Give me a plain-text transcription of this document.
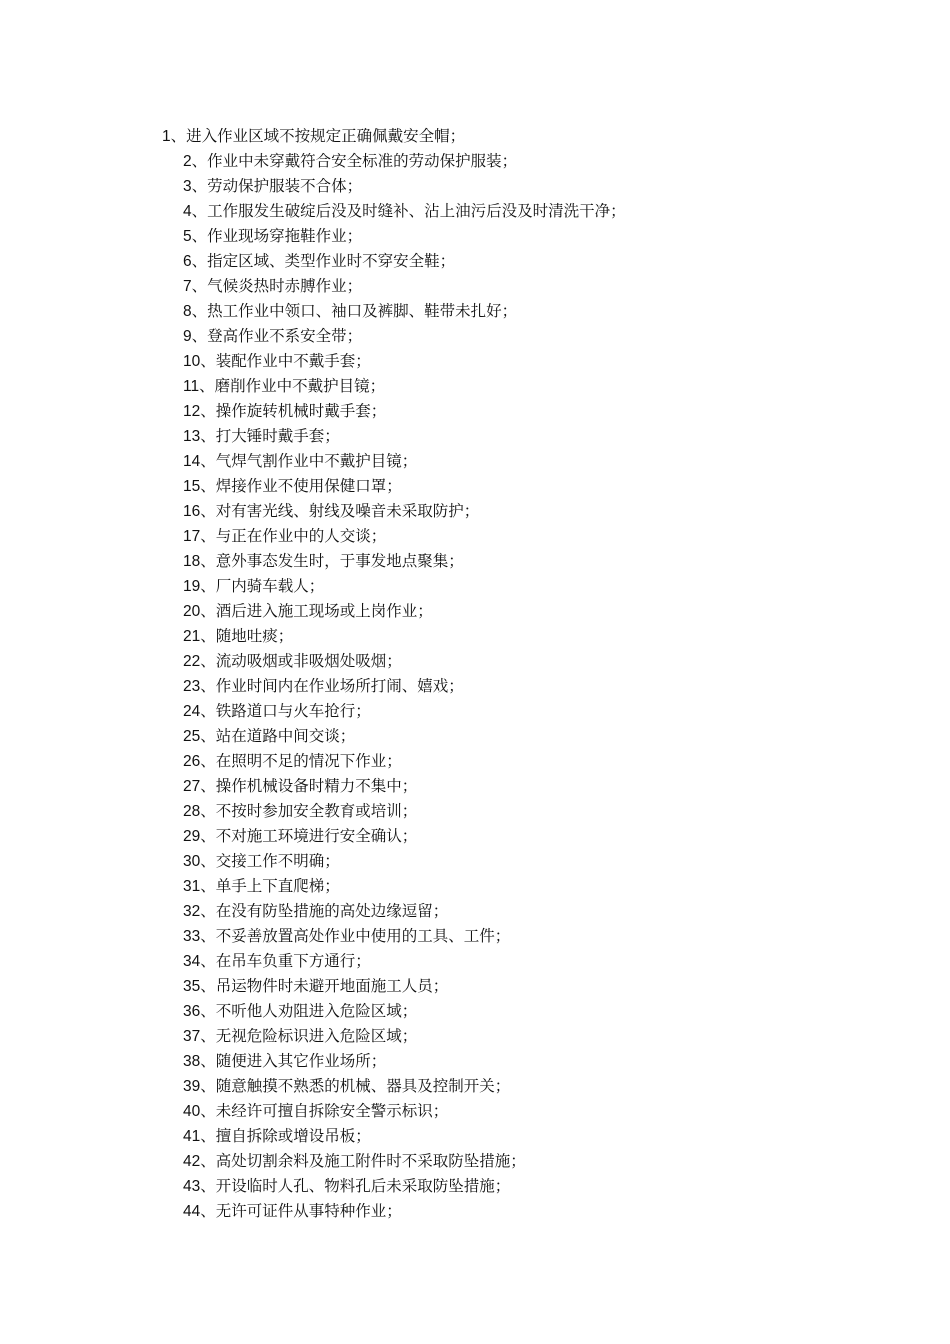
1、进入作业区域不按规定正确佩戴安全帽；
2、作业中未穿戴符合安全标准的劳动保护服装；
3、劳动保护服装不合体；
4、工作服发生破绽后没及时缝补、沾上油污后没及时清洗干净；
5、作业现场穿拖鞋作业；
6、指定区域、类型作业时不穿安全鞋；
7、气候炎热时赤膊作业；
8、热工作业中领口、袖口及裤脚、鞋带未扎好；
9、登高作业不系安全带；
10、装配作业中不戴手套；
11、磨削作业中不戴护目镜；
12、操作旋转机械时戴手套；
13、打大锤时戴手套；
14、气焊气割作业中不戴护目镜；
15、焊接作业不使用保健口罩；
16、对有害光线、射线及噪音未采取防护；
17、与正在作业中的人交谈；
18、意外事态发生时，于事发地点聚集；
19、厂内骑车载人；
20、酒后进入施工现场或上岗作业；
21、随地吐痰；
22、流动吸烟或非吸烟处吸烟；
23、作业时间内在作业场所打闹、嬉戏；
24、铁路道口与火车抢行；
25、站在道路中间交谈；
26、在照明不足的情况下作业；
27、操作机械设备时精力不集中；
28、不按时参加安全教育或培训；
29、不对施工环境进行安全确认；
30、交接工作不明确；
31、单手上下直爬梯；
32、在没有防坠措施的高处边缘逗留；
33、不妥善放置高处作业中使用的工具、工件；
34、在吊车负重下方通行；
35、吊运物件时未避开地面施工人员；
36、不听他人劝阻进入危险区域；
37、无视危险标识进入危险区域；
38、随便进入其它作业场所；
39、随意触摸不熟悉的机械、器具及控制开关；
40、未经许可擅自拆除安全警示标识；
41、擅自拆除或增设吊板；
42、高处切割余料及施工附件时不采取防坠措施；
43、开设临时人孔、物料孔后未采取防坠措施；
44、无许可证件从事特种作业；
